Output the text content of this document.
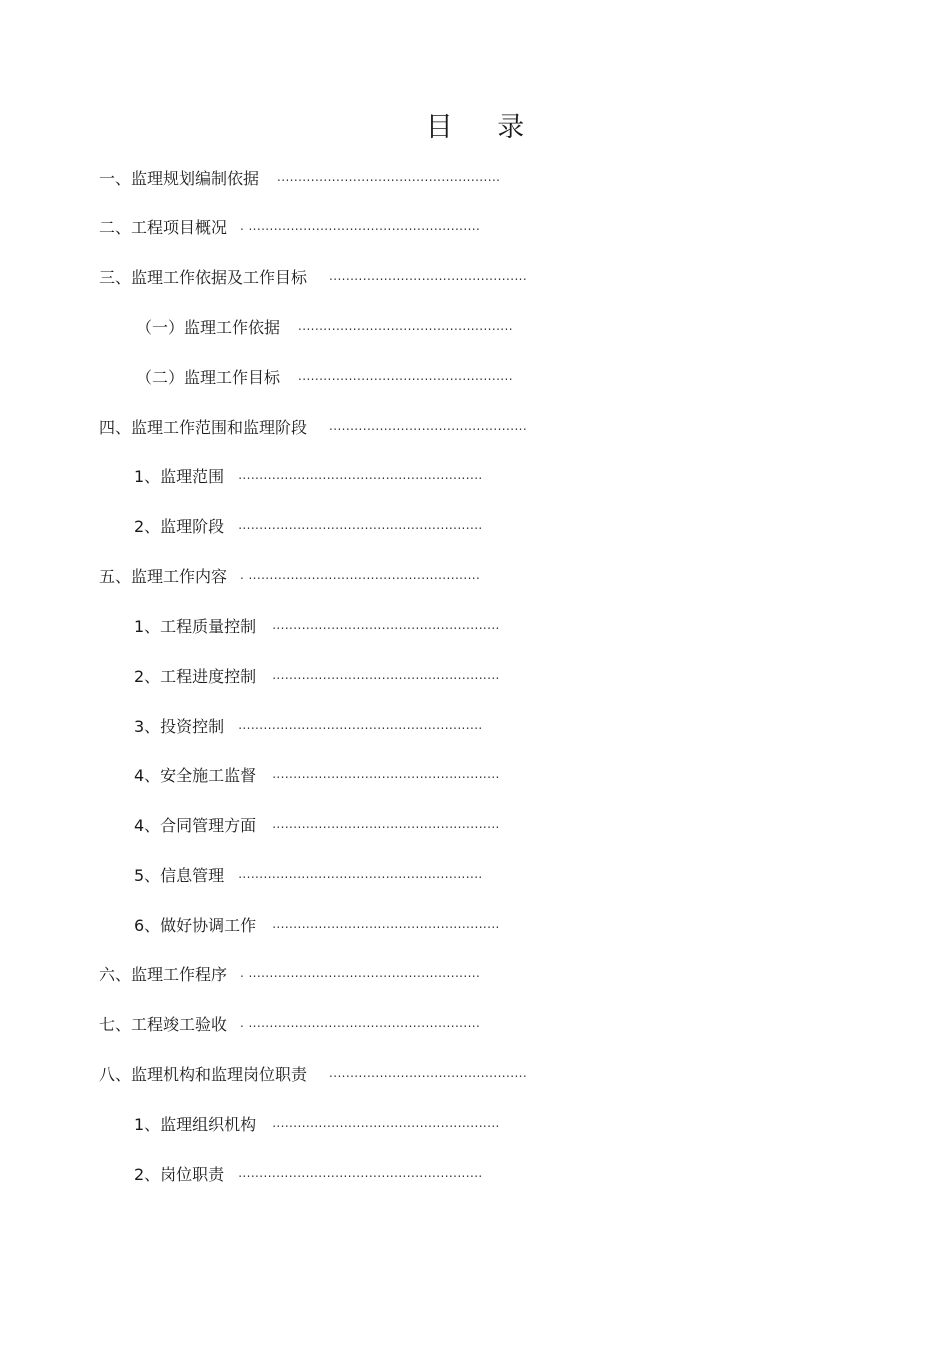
目 录
一、监理规划编制依据 .....................................................
二、工程项目概况 . .......................................................
三、监理工作依据及工作目标 ...............................................
（一）监理工作依据 ...................................................
（二）监理工作目标 ...................................................
四、监理工作范围和监理阶段 ...............................................
1、监理范围 ..........................................................
2、监理阶段 ..........................................................
五、监理工作内容 . .......................................................
1、工程质量控制 ......................................................
2、工程进度控制 ......................................................
3、投资控制 ..........................................................
4、安全施工监督 ......................................................
4、合同管理方面 ......................................................
5、信息管理 ..........................................................
6、做好协调工作 ......................................................
六、监理工作程序 . .......................................................
七、工程竣工验收 . .......................................................
八、监理机构和监理岗位职责 ...............................................
1、监理组织机构 ......................................................
2、岗位职责 ..........................................................
